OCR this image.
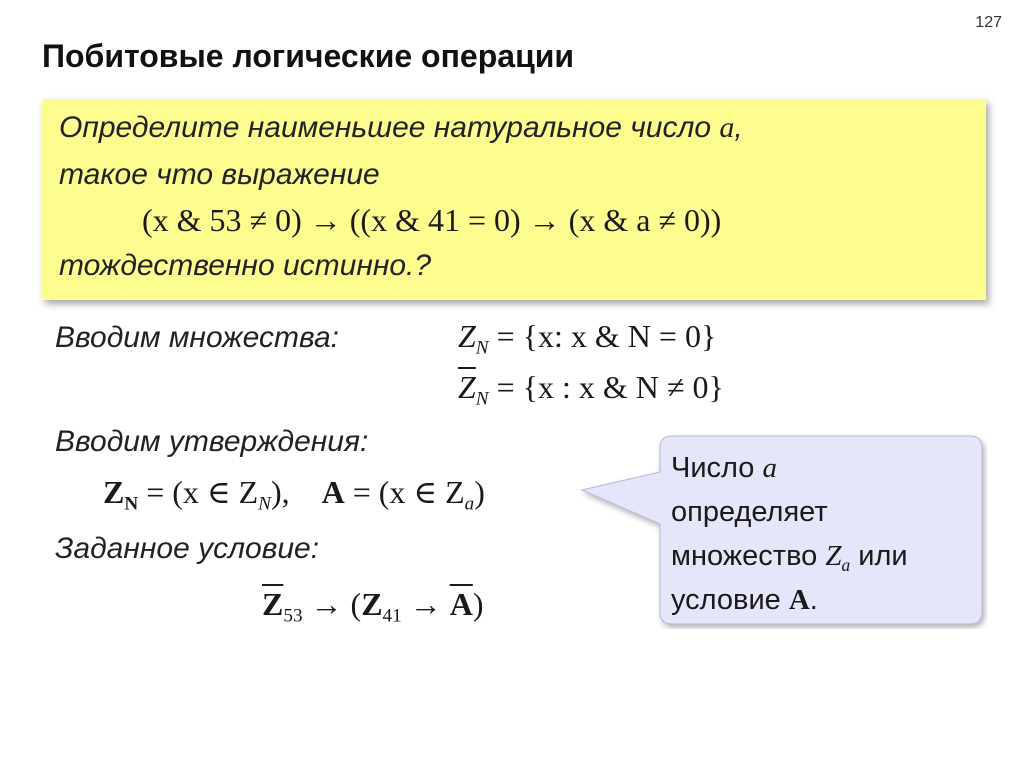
127
Побитовые логические операции
Определите наименьшее натуральное число a,
такое что выражение
(x & 53 ≠ 0) → ((x & 41 = 0) → (x & a ≠ 0))
тождественно истинно.?
Вводим множества:	$Z_N = \{x$: x & N = 0}
$\overline{Z}_N = \{x$ : x & N ≠ 0}
Вводим утверждения:
$Z_N = (x$ ∈ $Z_N$), A = (x ∈ $Z_a$)
Заданное условие:
$\overline{Z}_{53} \to (Z_{41} \to \overline{A})$
Число a
определяет
множество $Z_a$ или
условие A.
